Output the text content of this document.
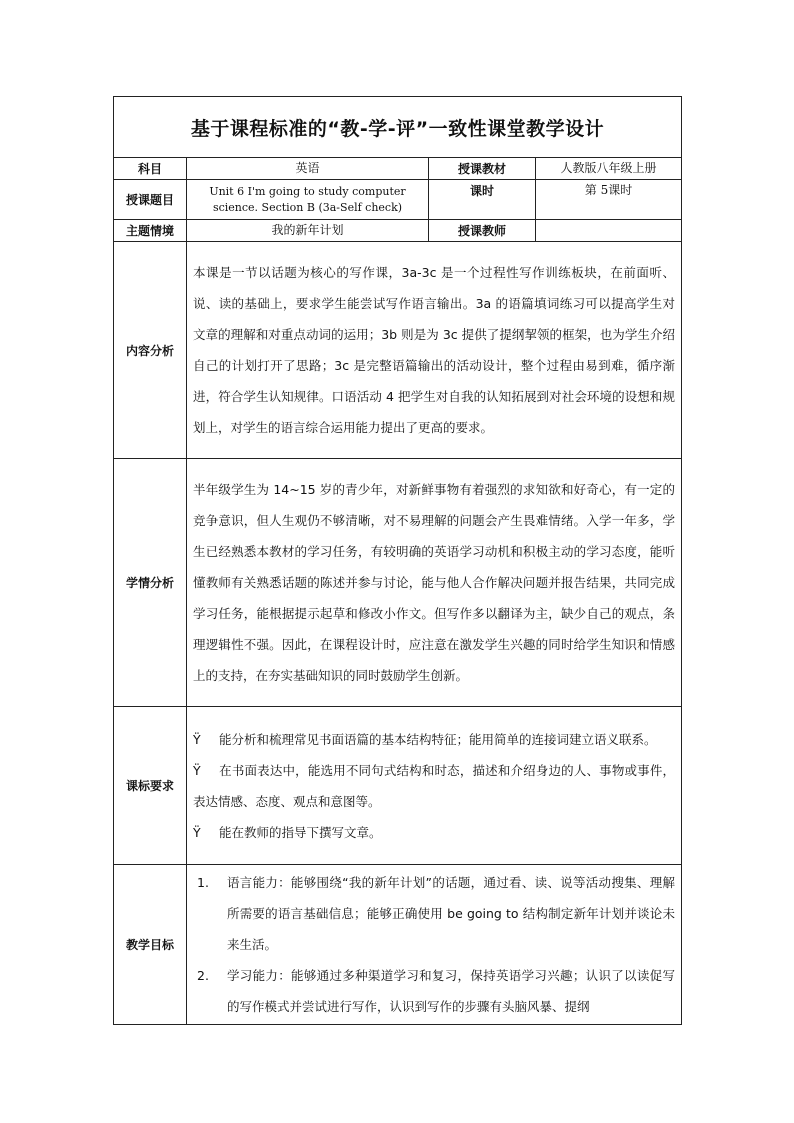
基于课程标准的“教-学-评”一致性课堂教学设计			
科目	英语	授课教材	人教版八年级上册
授课题目	Unit 6 I'm going to study computer science. Section B (3a-Self check)	课时	第 5课时
主题情境	我的新年计划	授课教师	
内容分析	本课是一节以话题为核心的写作课，3a-3c 是一个过程性写作训练板块，在前面听、说、读的基础上，要求学生能尝试写作语言输出。3a 的语篇填词练习可以提高学生对文章的理解和对重点动词的运用；3b 则是为 3c 提供了提纲挈领的框架，也为学生介绍自己的计划打开了思路；3c 是完整语篇输出的活动设计，整个过程由易到难，循序渐进，符合学生认知规律。口语活动 4 把学生对自我的认知拓展到对社会环境的设想和规划上，对学生的语言综合运用能力提出了更高的要求。		

学情分析	半年级学生为 14~15 岁的青少年，对新鲜事物有着强烈的求知欲和好奇心，有一定的竞争意识，但人生观仍不够清晰，对不易理解的问题会产生畏难情绪。入学一年多，学生已经熟悉本教材的学习任务，有较明确的英语学习动机和积极主动的学习态度，能听懂教师有关熟悉话题的陈述并参与讨论，能与他人合作解决问题并报告结果，共同完成学习任务，能根据提示起草和修改小作文。但写作多以翻译为主，缺少自己的观点，条理逻辑性不强。因此，在课程设计时，应注意在激发学生兴趣的同时给学生知识和情感上的支持，在夯实基础知识的同时鼓励学生创新。		

课标要求	Ÿ 能分析和梳理常见书面语篇的基本结构特征；能用简单的连接词建立语义联系。

Ÿ 在书面表达中，能选用不同句式结构和时态，描述和介绍身边的人、事物或事件，表达情感、态度、观点和意图等。

Ÿ 能在教师的指导下撰写文章。		

教学目标	1. 语言能力：能够围绕“我的新年计划”的话题，通过看、读、说等活动搜集、理解所需要的语言基础信息；能够正确使用 be going to 结构制定新年计划并谈论未来生活。
2. 学习能力：能够通过多种渠道学习和复习，保持英语学习兴趣；认识了以读促写的写作模式并尝试进行写作，认识到写作的步骤有头脑风暴、提纲		
